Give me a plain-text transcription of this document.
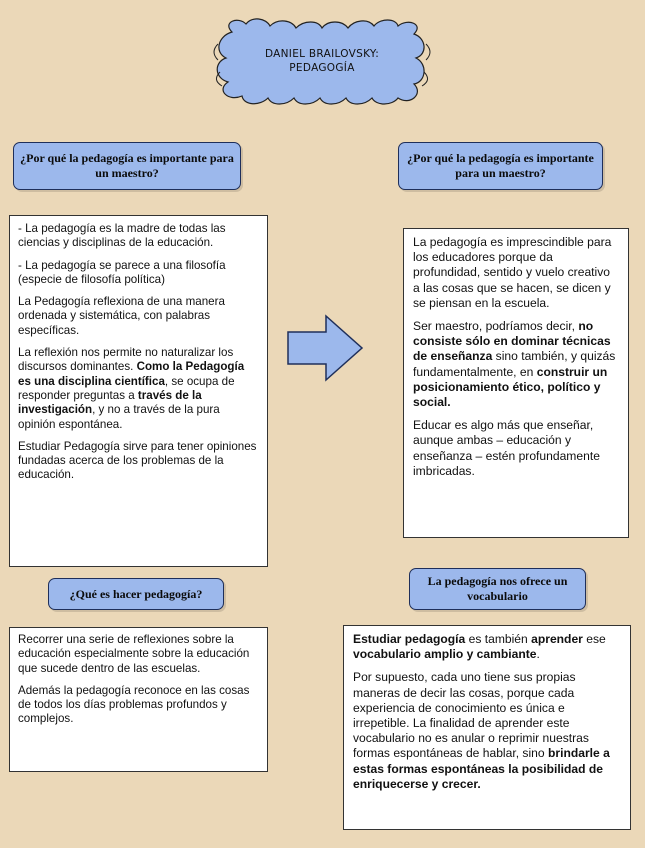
DANIEL BRAILOVSKY:
PEDAGOGÍA
¿Por qué la pedagogía es importante para un maestro?
¿Por qué la pedagogía es importante para un maestro?

- La pedagogía es la madre de todas las ciencias y disciplinas de la educación.

- La pedagogía se parece a una filosofía (especie de filosofía política)

La Pedagogía reflexiona de una manera ordenada y sistemática, con palabras específicas.

La reflexión nos permite no naturalizar los discursos dominantes. Como la Pedagogía es una disciplina científica, se ocupa de responder preguntas a través de la investigación, y no a través de la pura opinión espontánea.

Estudiar Pedagogía sirve para tener opiniones fundadas acerca de los problemas de la educación.

La pedagogía es imprescindible para los educadores porque da profundidad, sentido y vuelo creativo a las cosas que se hacen, se dicen y se piensan en la escuela.

Ser maestro, podríamos decir, no consiste sólo en dominar técnicas de enseñanza sino también, y quizás fundamentalmente, en construir un posicionamiento ético, político y social.

Educar es algo más que enseñar, aunque ambas – educación y enseñanza – estén profundamente imbricadas.

¿Qué es hacer pedagogía?
La pedagogía nos ofrece un vocabulario

Recorrer una serie de reflexiones sobre la educación especialmente sobre la educación que sucede dentro de las escuelas.

Además la pedagogía reconoce en las cosas de todos los días problemas profundos y complejos.

Estudiar pedagogía es también aprender ese vocabulario amplio y cambiante.

Por supuesto, cada uno tiene sus propias maneras de decir las cosas, porque cada experiencia de conocimiento es única e irrepetible. La finalidad de aprender este vocabulario no es anular o reprimir nuestras formas espontáneas de hablar, sino brindarle a estas formas espontáneas la posibilidad de enriquecerse y crecer.
